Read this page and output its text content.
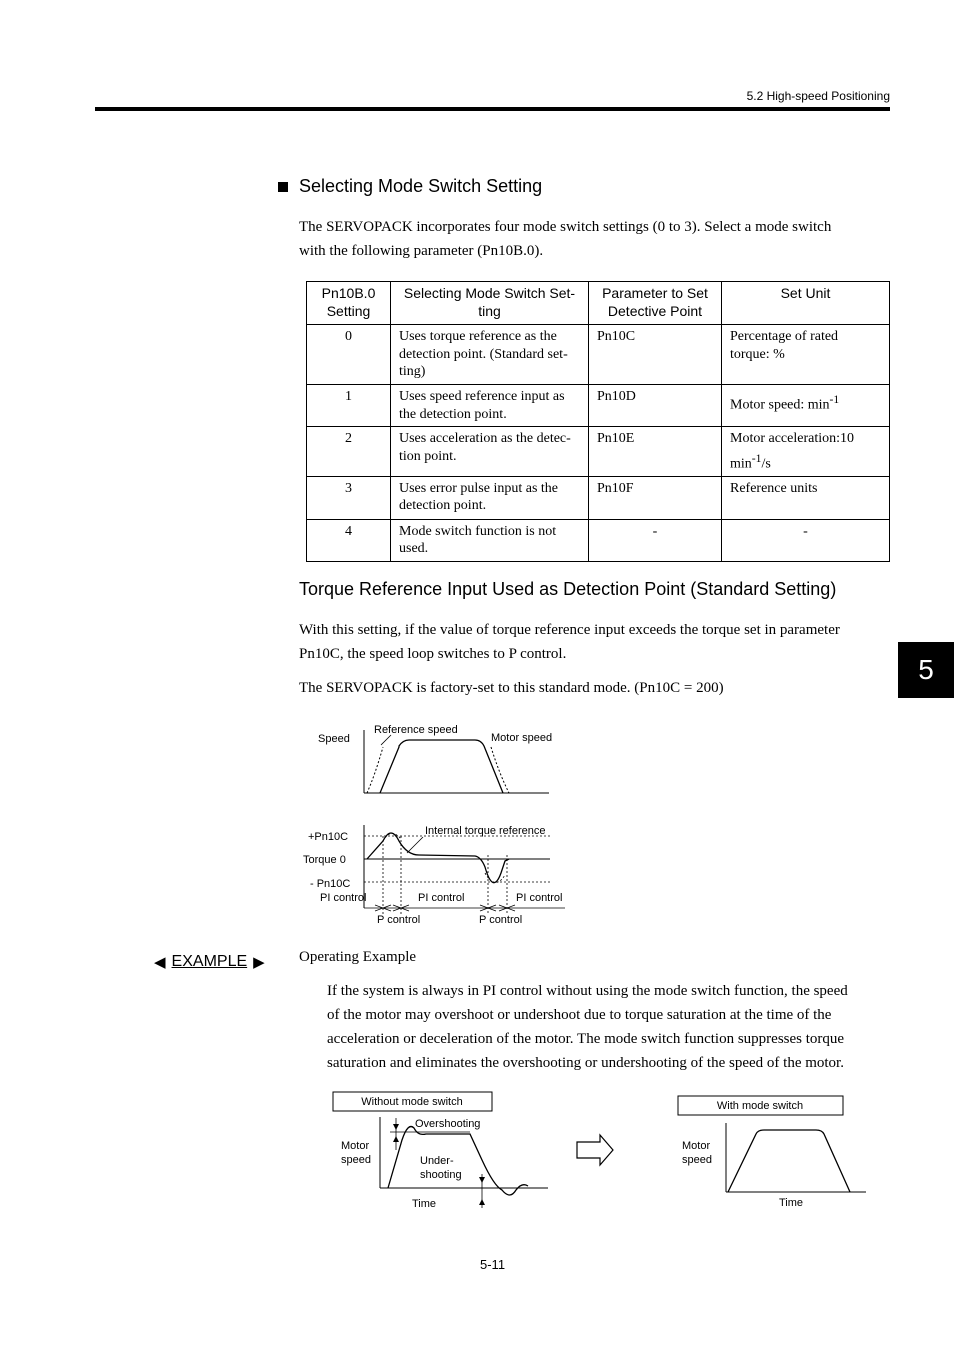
5.2 High-speed Positioning
Selecting Mode Switch Setting
The SERVOPACK incorporates four mode switch settings (0 to 3). Select a mode switch
with the following parameter (Pn10B.0).
Pn10B.0 Setting	Selecting Mode Switch Set-ting	Parameter to Set Detective Point	Set Unit
0	Uses torque reference as the detection point. (Standard set-ting)	Pn10C	Percentage of rated torque: %
1	Uses speed reference input as the detection point.	Pn10D	Motor speed: $\min^{-1}$
2	Uses acceleration as the detec-tion point.	Pn10E	Motor acceleration:10
$\min^{-1}/s$

3	Uses error pulse input as the detection point.	Pn10F	Reference units
4	Mode switch function is not used.	-	-
Torque Reference Input Used as Detection Point (Standard Setting)
With this setting, if the value of torque reference input exceeds the torque set in parameter
Pn10C, the speed loop switches to P control.
The SERVOPACK is factory-set to this standard mode. (Pn10C = 200)
5
Speed
Reference speed
Motor speed
+Pn10C
Torque 0
- Pn10C
Internal torque reference
PI control	PI control	PI control
P control	P control
◀ EXAMPLE ▶ Operating Example
If the system is always in PI control without using the mode switch function, the speed
of the motor may overshoot or undershoot due to torque saturation at the time of the
acceleration or deceleration of the motor. The mode switch function suppresses torque
saturation and eliminates the overshooting or undershooting of the speed of the motor.
Without mode switch
Motor
speed
Overshooting
Under-
shooting
Time
With mode switch
Motor
speed
Time
5-11
